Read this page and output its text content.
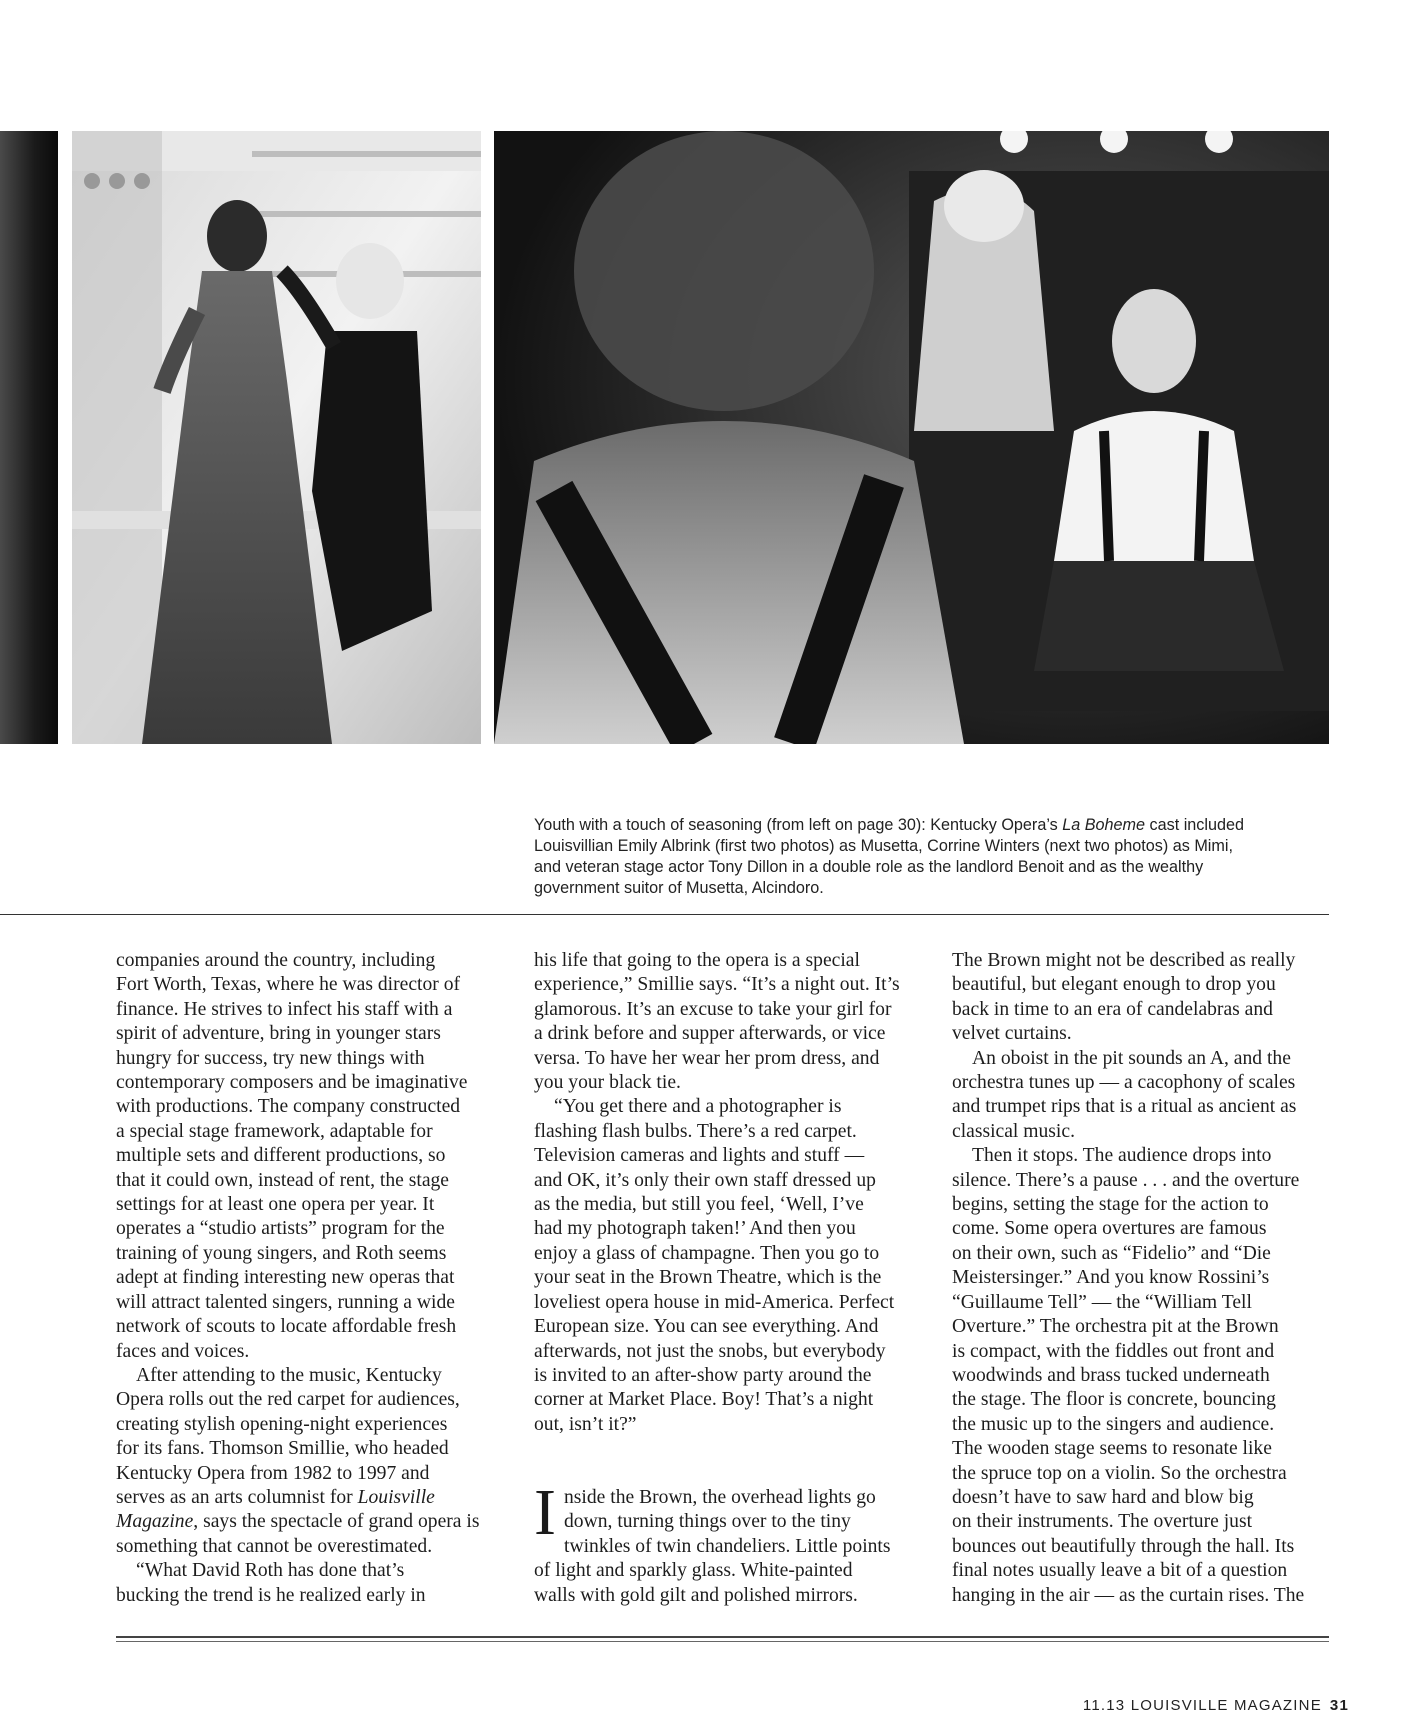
Youth with a touch of seasoning (from left on page 30): Kentucky Opera’s La Boheme cast included

Louisvillian Emily Albrink (first two photos) as Musetta, Corrine Winters (next two photos) as Mimi,

and veteran stage actor Tony Dillon in a double role as the landlord Benoit and as the wealthy

government suitor of Musetta, Alcindoro.

companies around the country, including
Fort Worth, Texas, where he was director of
finance. He strives to infect his staff with a
spirit of adventure, bring in younger stars
hungry for success, try new things with
contemporary composers and be imaginative
with productions. The company constructed
a special stage framework, adaptable for
multiple sets and different productions, so
that it could own, instead of rent, the stage
settings for at least one opera per year. It
operates a “studio artists” program for the
training of young singers, and Roth seems
adept at finding interesting new operas that
will attract talented singers, running a wide
network of scouts to locate affordable fresh
faces and voices.
After attending to the music, Kentucky
Opera rolls out the red carpet for audiences,
creating stylish opening-night experiences
for its fans. Thomson Smillie, who headed
Kentucky Opera from 1982 to 1997 and
serves as an arts columnist for Louisville
Magazine, says the spectacle of grand opera is
something that cannot be overestimated.
“What David Roth has done that’s
bucking the trend is he realized early in
his life that going to the opera is a special
experience,” Smillie says. “It’s a night out. It’s
glamorous. It’s an excuse to take your girl for
a drink before and supper afterwards, or vice
versa. To have her wear her prom dress, and
you your black tie.
“You get there and a photographer is
flashing flash bulbs. There’s a red carpet.
Television cameras and lights and stuff —
and OK, it’s only their own staff dressed up
as the media, but still you feel, ‘Well, I’ve
had my photograph taken!’ And then you
enjoy a glass of champagne. Then you go to
your seat in the Brown Theatre, which is the
loveliest opera house in mid-America. Perfect
European size. You can see everything. And
afterwards, not just the snobs, but everybody
is invited to an after-show party around the
corner at Market Place. Boy! That’s a night
out, isn’t it?”
I nside the Brown, the overhead lights go
down, turning things over to the tiny
twinkles of twin chandeliers. Little points
of light and sparkly glass. White-painted
walls with gold gilt and polished mirrors.
The Brown might not be described as really
beautiful, but elegant enough to drop you
back in time to an era of candelabras and
velvet curtains.
An oboist in the pit sounds an A, and the
orchestra tunes up — a cacophony of scales
and trumpet rips that is a ritual as ancient as
classical music.
Then it stops. The audience drops into
silence. There’s a pause . . . and the overture
begins, setting the stage for the action to
come. Some opera overtures are famous
on their own, such as “Fidelio” and “Die
Meistersinger.” And you know Rossini’s
“Guillaume Tell” — the “William Tell
Overture.” The orchestra pit at the Brown
is compact, with the fiddles out front and
woodwinds and brass tucked underneath
the stage. The floor is concrete, bouncing
the music up to the singers and audience.
The wooden stage seems to resonate like
the spruce top on a violin. So the orchestra
doesn’t have to saw hard and blow big
on their instruments. The overture just
bounces out beautifully through the hall. Its
final notes usually leave a bit of a question
hanging in the air — as the curtain rises. The
11.13 LOUISVILLE MAGAZINE 31
